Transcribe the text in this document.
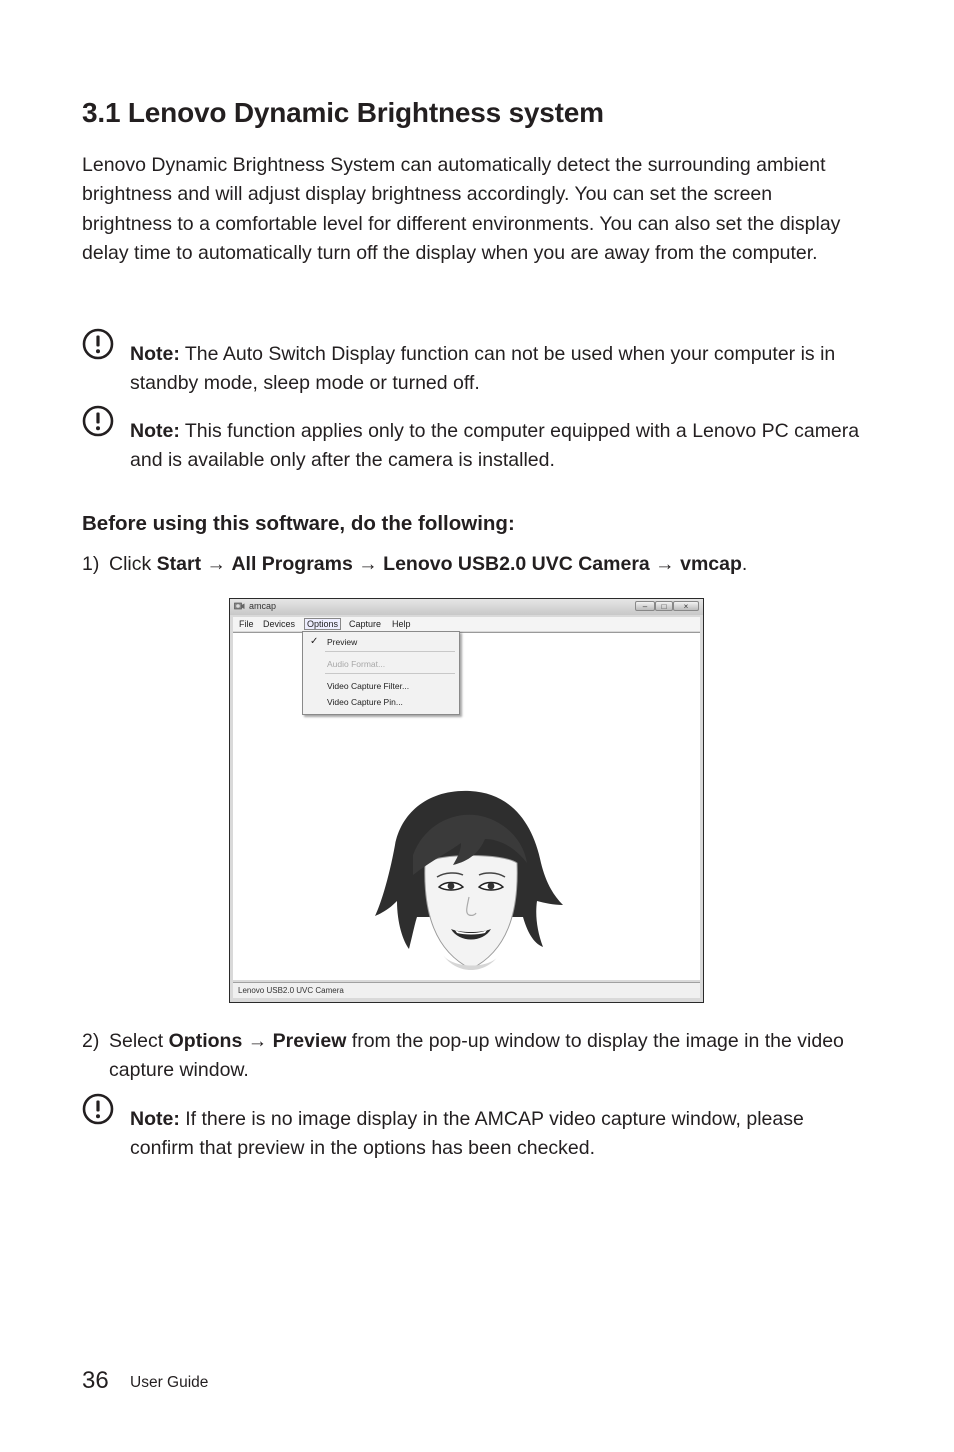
3.1 Lenovo Dynamic Brightness system

Lenovo Dynamic Brightness System can automatically detect the surrounding ambient brightness and will adjust display brightness accordingly. You can set the screen brightness to a comfortable level for different environments. You can also set the display delay time to automatically turn off the display when you are away from the computer.

Note: The Auto Switch Display function can not be used when your computer is in standby mode, sleep mode or turned off.
Note: This function applies only to the computer equipped with a Lenovo PC camera and is available only after the camera is installed.
Before using this software, do the following:
1) Click Start → All Programs → Lenovo USB2.0 UVC Camera → vmcap.
amcap	–	□	×
File Devices	Options	Capture Help
✓ Preview
Audio Format...
Video Capture Filter...
Video Capture Pin...
Lenovo USB2.0 UVC Camera
2) Select Options → Preview from the pop-up window to display the image in the video capture window.
Note: If there is no image display in the AMCAP video capture window, please confirm that preview in the options has been checked.
36 User Guide
